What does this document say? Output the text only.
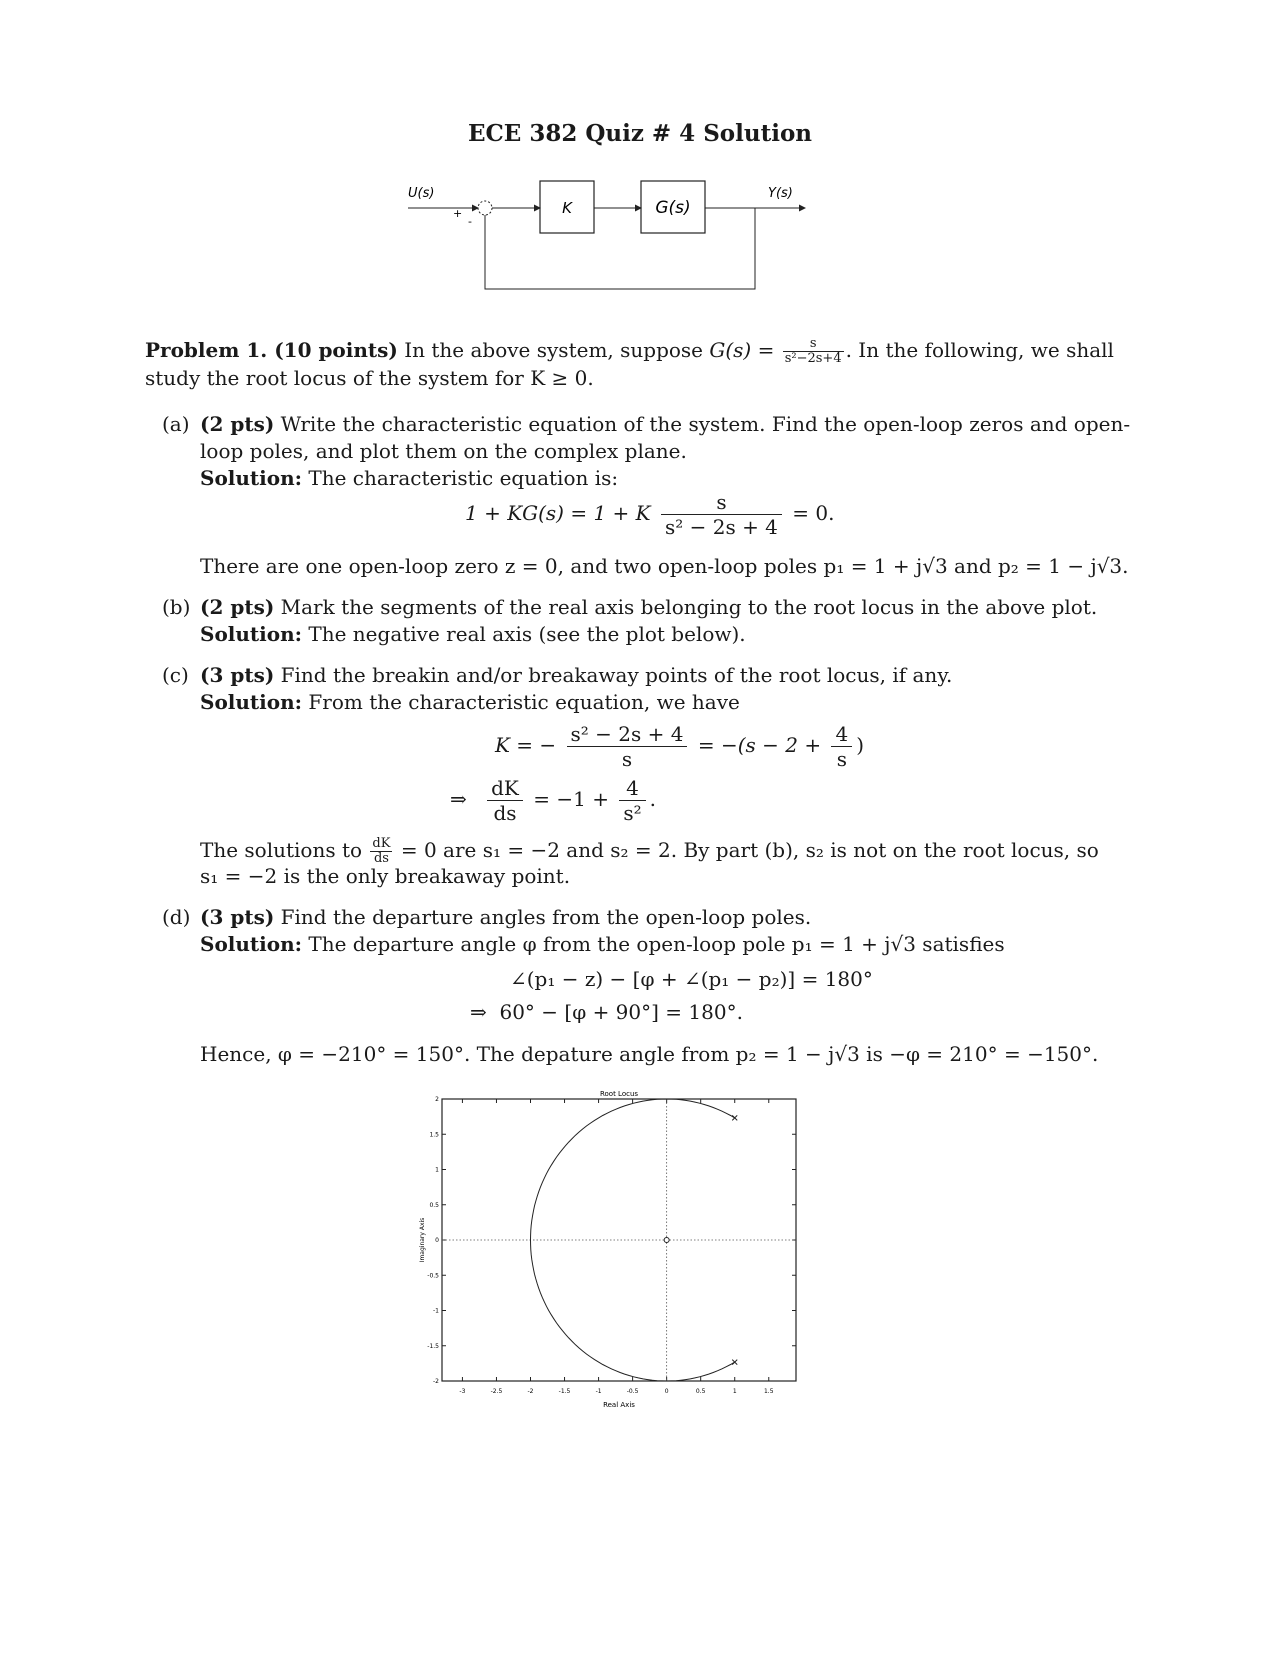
ECE 382 Quiz # 4 Solution
U(s)
+
-
K	G(s)
Y(s)
Problem 1. (10 points) In the above system, suppose $G(s) = \frac{s}{\text{s²−2s+4}}$ . In the following, we shall
study the root locus of the system for K ≥ 0.
(a) (2 pts) Write the characteristic equation of the system. Find the open-loop zeros and open-
loop poles, and plot them on the complex plane.
Solution: The characteristic equation is:
1 + KG(s) = 1 + K $\frac{s}{\text{s² − 2s + 4}} = 0$.
There are one open-loop zero z = 0, and two open-loop poles p₁ = 1 + j√3 and p₂ = 1 − j√3.
(b) (2 pts) Mark the segments of the real axis belonging to the root locus in the above plot.
Solution: The negative real axis (see the plot below).
(c) (3 pts) Find the breakin and/or breakaway points of the root locus, if any.
Solution: From the characteristic equation, we have
K = − $\frac{\text{s² − 2s + 4}}{s} = -(s - 2 + \frac{4}{s}$ )
⇒ $\frac{dK}{ds} = -1 + \frac{4}{\text{s²}}$ .
The solutions to $\frac{dK}{ds} = 0$ are s₁ = −2 and s₂ = 2. By part (b), s₂ is not on the root locus, so
s₁ = −2 is the only breakaway point.
(d) (3 pts) Find the departure angles from the open-loop poles.
Solution: The departure angle φ from the open-loop pole p₁ = 1 + j√3 satisfies
∠(p₁ − z) − [φ + ∠(p₁ − p₂)] = 180°
⇒ 60° − [φ + 90°] = 180°.
Hence, φ = −210° = 150°. The depature angle from p₂ = 1 − j√3 is −φ = 210° = −150°.
Root Locus
Real Axis
Imaginary Axis
-3	-2.5	-2	-1.5	-1	-0.5	0	0.5	1	1.5
2
1.5
1
0.5
0
-0.5
-1
-1.5
-2
